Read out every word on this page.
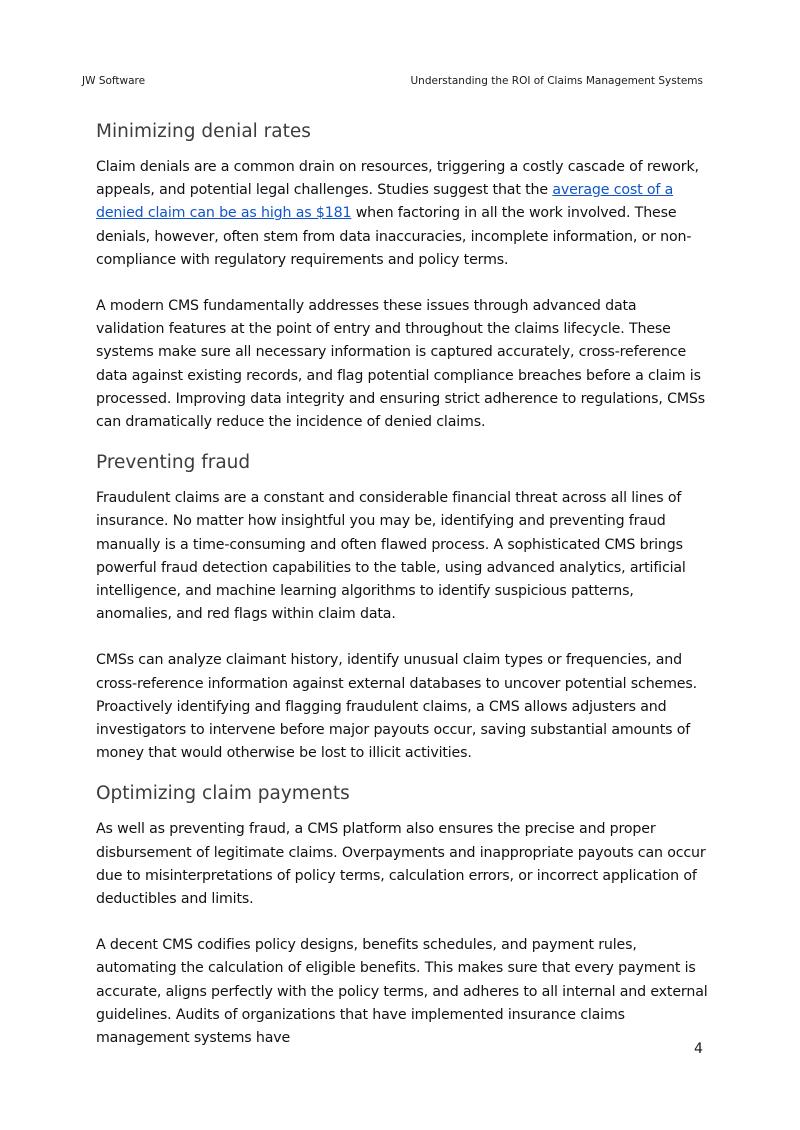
JW Software	Understanding the ROI of Claims Management Systems
Minimizing denial rates

Claim denials are a common drain on resources, triggering a costly cascade of rework, appeals, and potential legal challenges. Studies suggest that the average cost of a denied claim can be as high as $181 when factoring in all the work involved. These denials, however, often stem from data inaccuracies, incomplete information, or non-compliance with regulatory requirements and policy terms.

A modern CMS fundamentally addresses these issues through advanced data validation features at the point of entry and throughout the claims lifecycle. These systems make sure all necessary information is captured accurately, cross-reference data against existing records, and flag potential compliance breaches before a claim is processed. Improving data integrity and ensuring strict adherence to regulations, CMSs can dramatically reduce the incidence of denied claims.

Preventing fraud

Fraudulent claims are a constant and considerable financial threat across all lines of insurance. No matter how insightful you may be, identifying and preventing fraud manually is a time-consuming and often flawed process. A sophisticated CMS brings powerful fraud detection capabilities to the table, using advanced analytics, artificial intelligence, and machine learning algorithms to identify suspicious patterns, anomalies, and red flags within claim data.

CMSs can analyze claimant history, identify unusual claim types or frequencies, and cross-reference information against external databases to uncover potential schemes. Proactively identifying and flagging fraudulent claims, a CMS allows adjusters and investigators to intervene before major payouts occur, saving substantial amounts of money that would otherwise be lost to illicit activities.

Optimizing claim payments

As well as preventing fraud, a CMS platform also ensures the precise and proper disbursement of legitimate claims. Overpayments and inappropriate payouts can occur due to misinterpretations of policy terms, calculation errors, or incorrect application of deductibles and limits.

A decent CMS codifies policy designs, benefits schedules, and payment rules, automating the calculation of eligible benefits. This makes sure that every payment is accurate, aligns perfectly with the policy terms, and adheres to all internal and external guidelines. Audits of organizations that have implemented insurance claims management systems have

4
